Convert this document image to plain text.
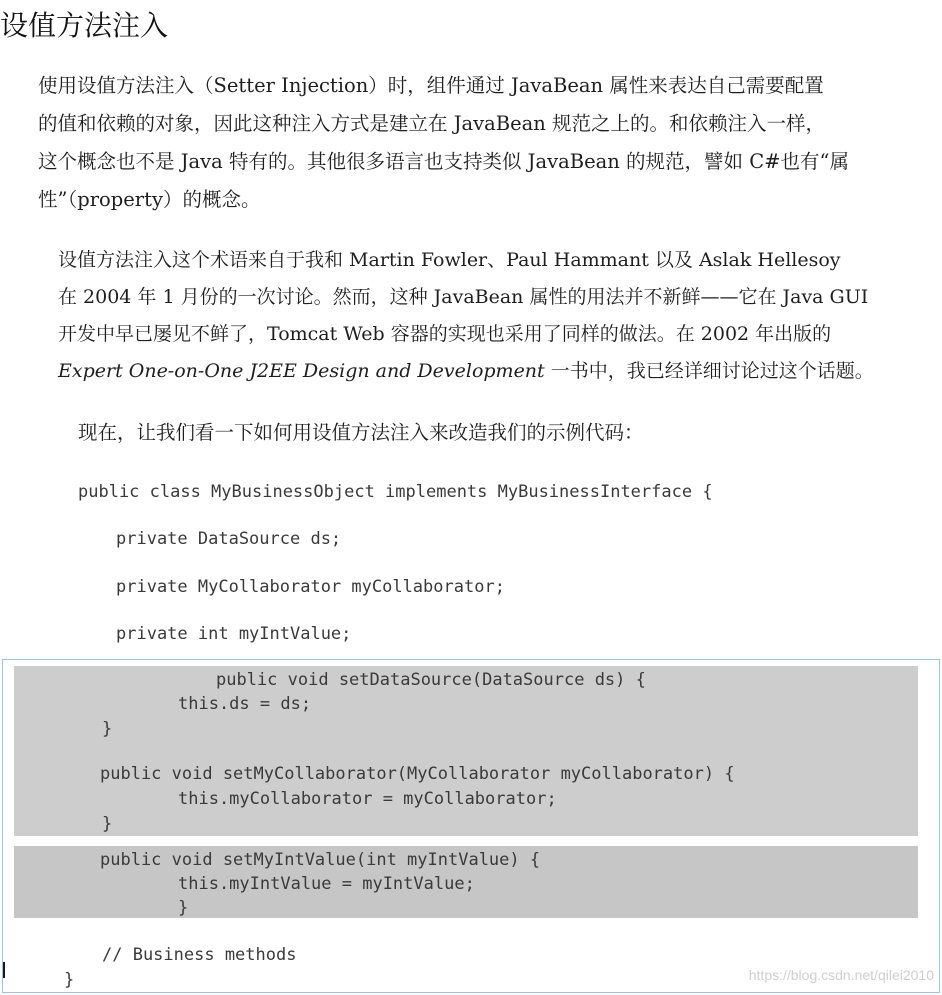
设值方法注入
使用设值方法注入（Setter Injection）时，组件通过 JavaBean 属性来表达自己需要配置
的值和依赖的对象，因此这种注入方式是建立在 JavaBean 规范之上的。和依赖注入一样，
这个概念也不是 Java 特有的。其他很多语言也支持类似 JavaBean 的规范，譬如 C#也有“属
性”（property）的概念。
设值方法注入这个术语来自于我和 Martin Fowler、Paul Hammant 以及 Aslak Hellesoy
在 2004 年 1 月份的一次讨论。然而，这种 JavaBean 属性的用法并不新鲜——它在 Java GUI
开发中早已屡见不鲜了，Tomcat Web 容器的实现也采用了同样的做法。在 2002 年出版的
Expert One-on-One J2EE Design and Development 一书中，我已经详细讨论过这个话题。
现在，让我们看一下如何用设值方法注入来改造我们的示例代码：
public class MyBusinessObject implements MyBusinessInterface {
private DataSource ds;
private MyCollaborator myCollaborator;
private int myIntValue;
public void setDataSource(DataSource ds) {
this.ds = ds;
}
public void setMyCollaborator(MyCollaborator myCollaborator) {
this.myCollaborator = myCollaborator;
}
public void setMyIntValue(int myIntValue) {
this.myIntValue = myIntValue;
}
// Business methods
}	https://blog.csdn.net/qilei2010
